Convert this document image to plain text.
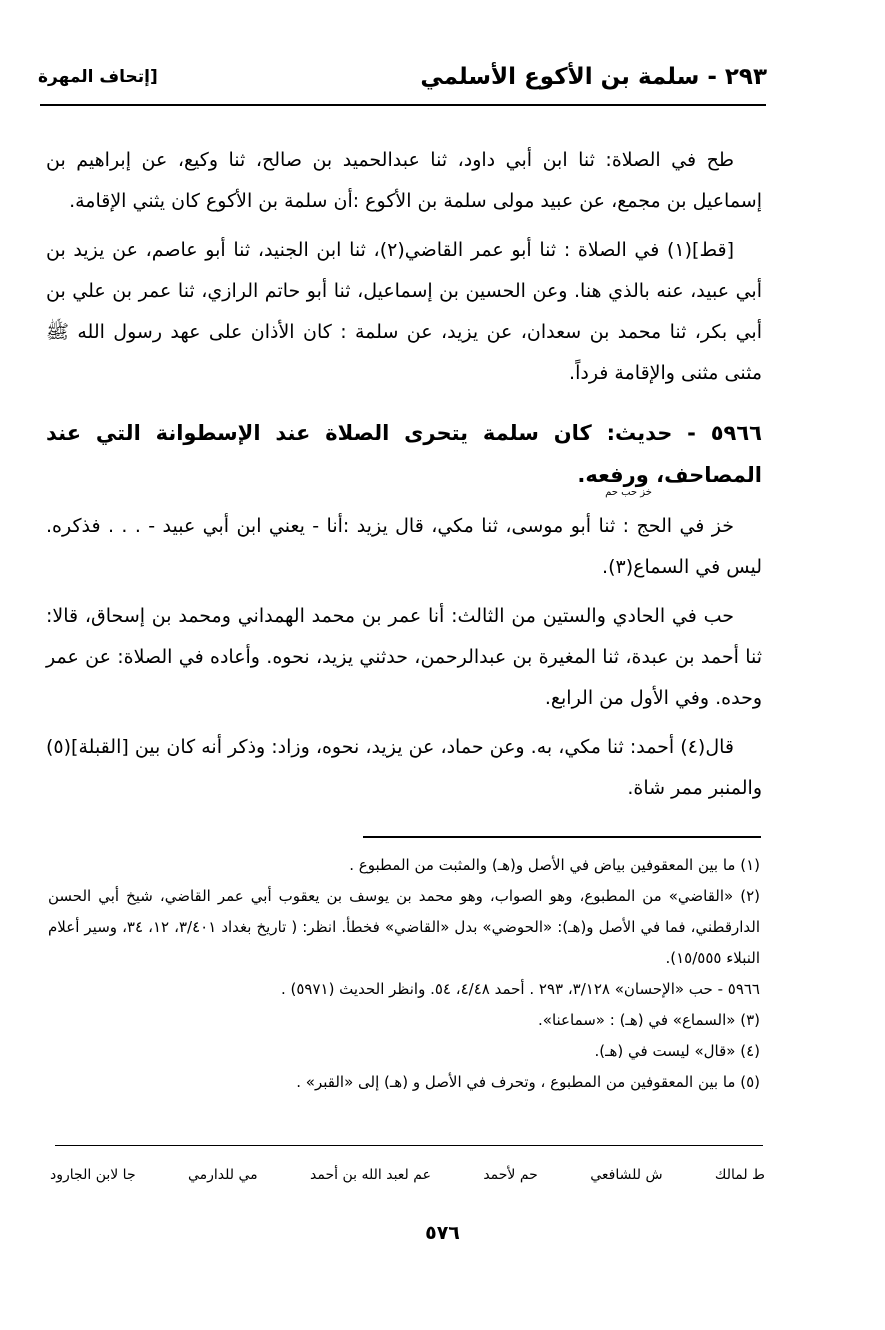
٢٩٣ - سلمة بن الأكوع الأسلمي
[إتحاف المهرة

طح في الصلاة: ثنا ابن أبي داود، ثنا عبدالحميد بن صالح، ثنا وكيع، عن إبراهيم بن إسماعيل بن مجمع، عن عبيد مولى سلمة بن الأكوع :أن سلمة بن الأكوع كان يثني الإقامة.

[قط](١) في الصلاة : ثنا أبو عمر القاضي(٢)، ثنا ابن الجنيد، ثنا أبو عاصم، عن يزيد بن أبي عبيد، عنه بالذي هنا. وعن الحسين بن إسماعيل، ثنا أبو حاتم الرازي، ثنا عمر بن علي بن أبي بكر، ثنا محمد بن سعدان، عن يزيد، عن سلمة : كان الأذان على عهد رسول الله ﷺ مثنى مثنى والإقامة فرداً.

٥٩٦٦ - حديث: كان سلمة يتحرى الصلاة عند الإسطوانة التي عند المصاحف، ورفعه.
خز حب حم

خز في الحج : ثنا أبو موسى، ثنا مكي، قال يزيد :أنا - يعني ابن أبي عبيد - . . . فذكره. ليس في السماع(٣).

حب في الحادي والستين من الثالث: أنا عمر بن محمد الهمداني ومحمد بن إسحاق، قالا: ثنا أحمد بن عبدة، ثنا المغيرة بن عبدالرحمن، حدثني يزيد، نحوه. وأعاده في الصلاة: عن عمر وحده. وفي الأول من الرابع.

قال(٤) أحمد: ثنا مكي، به. وعن حماد، عن يزيد، نحوه، وزاد: وذكر أنه كان بين [القبلة](٥) والمنبر ممر شاة.

(١) ما بين المعقوفين بياض في الأصل و(هـ) والمثبت من المطبوع .

(٢) «القاضي» من المطبوع، وهو الصواب، وهو محمد بن يوسف بن يعقوب أبي عمر القاضي، شيخ أبي الحسن الدارقطني، فما في الأصل و(هـ): «الحوضي» بدل «القاضي» فخطأ. انظر: ( تاريخ بغداد ٣/٤٠١، ١٢، ٣٤، وسير أعلام النبلاء ١٥/٥٥٥).

٥٩٦٦ - حب «الإحسان» ٣/١٢٨، ٢٩٣ . أحمد ٤/٤٨، ٥٤. وانظر الحديث (٥٩٧١) .

(٣) «السماع» في (هـ) : «سماعنا».

(٤) «قال» ليست في (هـ).

(٥) ما بين المعقوفين من المطبوع ، وتحرف في الأصل و (هـ) إلى «القبر» .

ط لمالك
ش للشافعي
حم لأحمد
عم لعبد الله بن أحمد
مي للدارمي
جا لابن الجارود
٥٧٦
